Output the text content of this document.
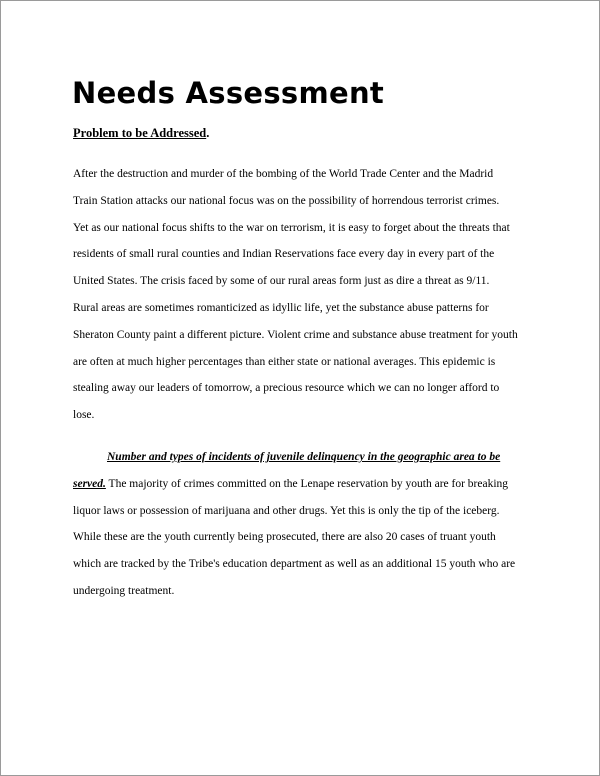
Needs Assessment

Problem to be Addressed.

After the destruction and murder of the bombing of the World Trade Center and the Madrid
Train Station attacks our national focus was on the possibility of horrendous terrorist crimes.
Yet as our national focus shifts to the war on terrorism, it is easy to forget about the threats that
residents of small rural counties and Indian Reservations face every day in every part of the
United States. The crisis faced by some of our rural areas form just as dire a threat as 9/11.
Rural areas are sometimes romanticized as idyllic life, yet the substance abuse patterns for
Sheraton County paint a different picture. Violent crime and substance abuse treatment for youth
are often at much higher percentages than either state or national averages. This epidemic is
stealing away our leaders of tomorrow, a precious resource which we can no longer afford to
lose.
Number and types of incidents of juvenile delinquency in the geographic area to be
served. The majority of crimes committed on the Lenape reservation by youth are for breaking
liquor laws or possession of marijuana and other drugs. Yet this is only the tip of the iceberg.
While these are the youth currently being prosecuted, there are also 20 cases of truant youth
which are tracked by the Tribe's education department as well as an additional 15 youth who are
undergoing treatment.
